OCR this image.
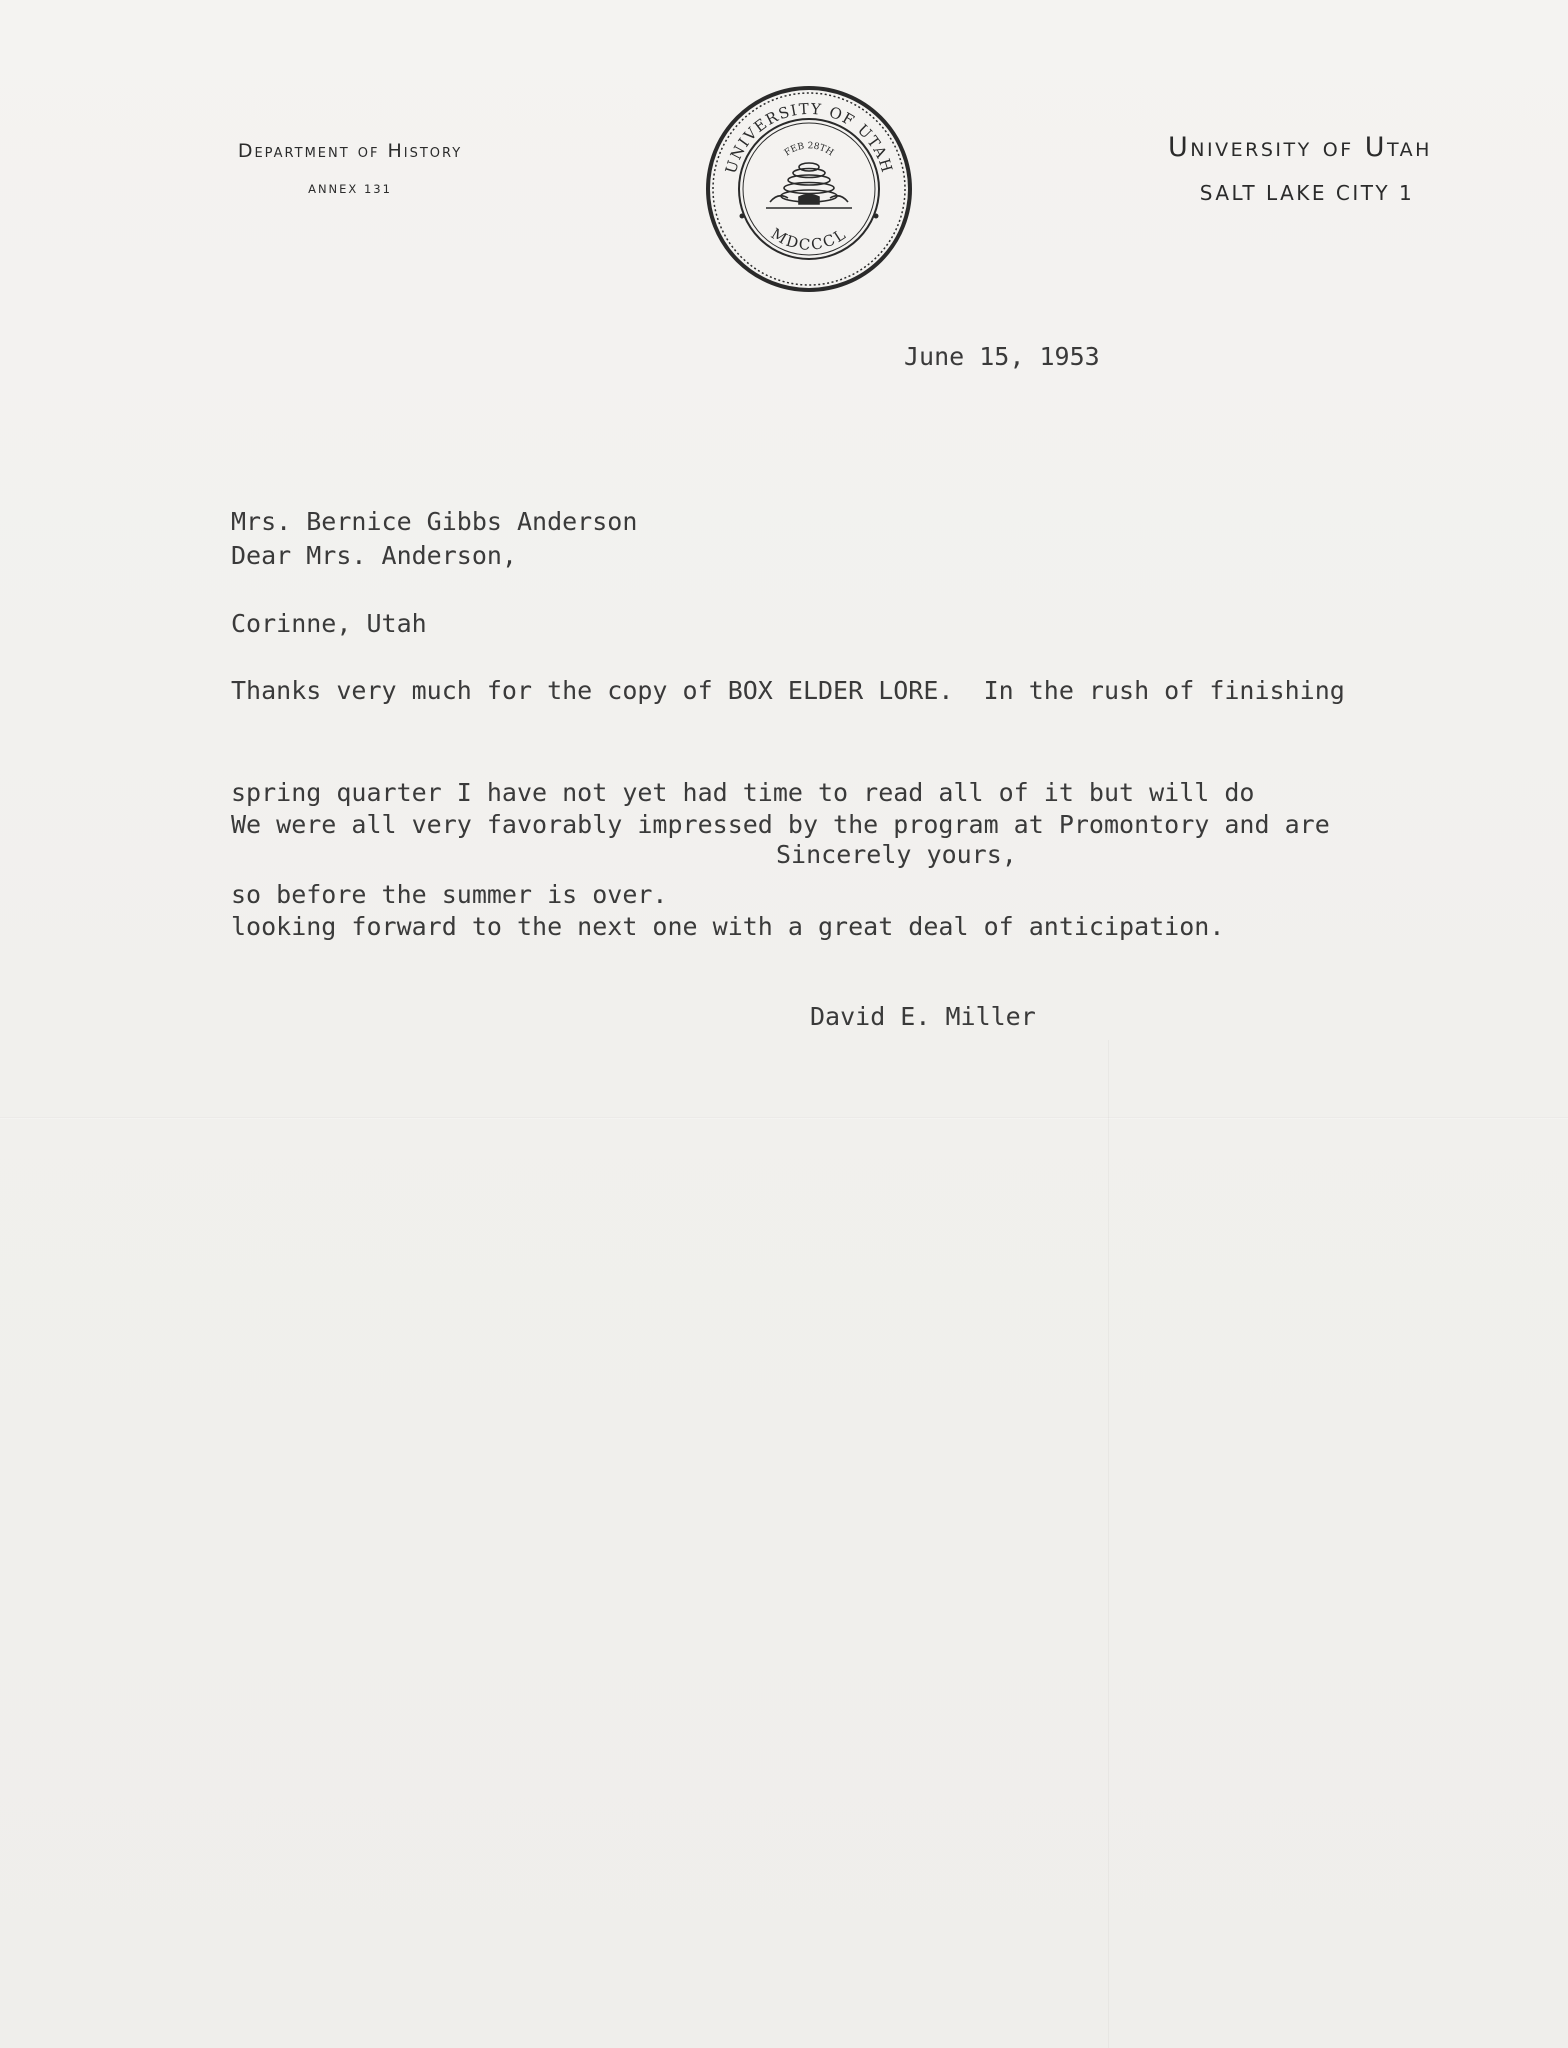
Department of History
ANNEX 131
UNIVERSITY OF UTAH
MDCCCL
FEB 28TH	University of Utah
SALT LAKE CITY 1
June 15, 1953

Mrs. Bernice Gibbs Anderson

Corinne, Utah

Dear Mrs. Anderson,

Thanks very much for the copy of BOX ELDER LORE.  In the rush of finishing

spring quarter I have not yet had time to read all of it but will do

so before the summer is over.

We were all very favorably impressed by the program at Promontory and are

looking forward to the next one with a great deal of anticipation.

Sincerely yours,
David E. Miller
